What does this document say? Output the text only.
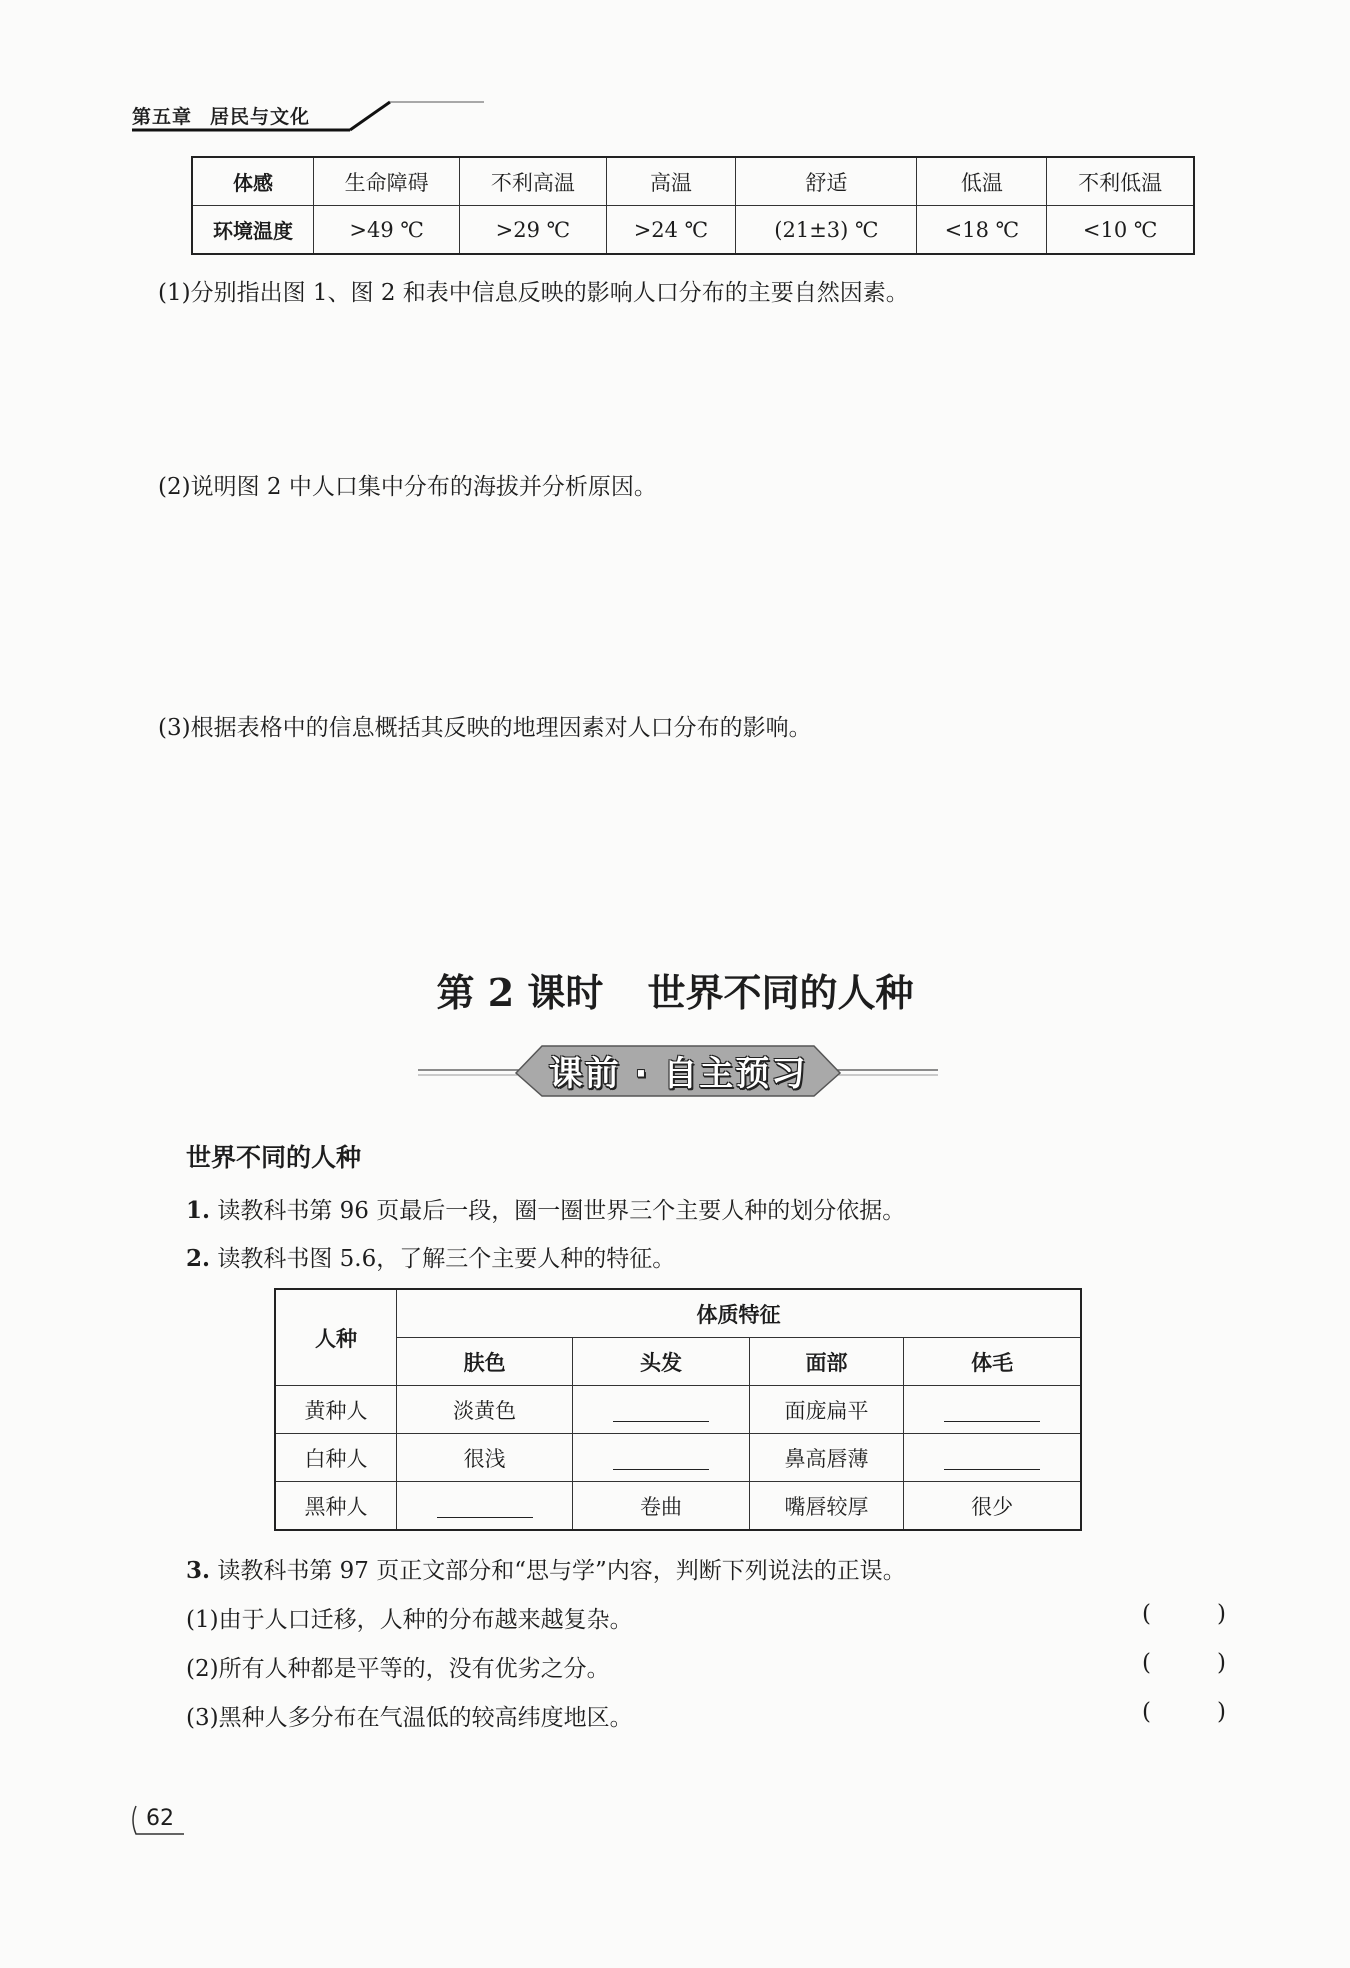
第五章 居民与文化
体感	生命障碍	不利高温	高温	舒适	低温	不利低温
环境温度	>49 ℃	>29 ℃	>24 ℃	(21±3) ℃	<18 ℃	<10 ℃
(1)分别指出图 1、图 2 和表中信息反映的影响人口分布的主要自然因素。
(2)说明图 2 中人口集中分布的海拔并分析原因。
(3)根据表格中的信息概括其反映的地理因素对人口分布的影响。
第 2 课时 世界不同的人种
课前 · 自主预习
世界不同的人种
1. 读教科书第 96 页最后一段，圈一圈世界三个主要人种的划分依据。
2. 读教科书图 5.6，了解三个主要人种的特征。
人种	体质特征			
	肤色	头发	面部	体毛
黄种人	淡黄色		面庞扁平	
白种人	很浅		鼻高唇薄	
黑种人		卷曲	嘴唇较厚	很少
3. 读教科书第 97 页正文部分和“思与学”内容，判断下列说法的正误。
(1)由于人口迁移，人种的分布越来越复杂。	(	)
(2)所有人种都是平等的，没有优劣之分。	(	)
(3)黑种人多分布在气温低的较高纬度地区。	(	)
62
